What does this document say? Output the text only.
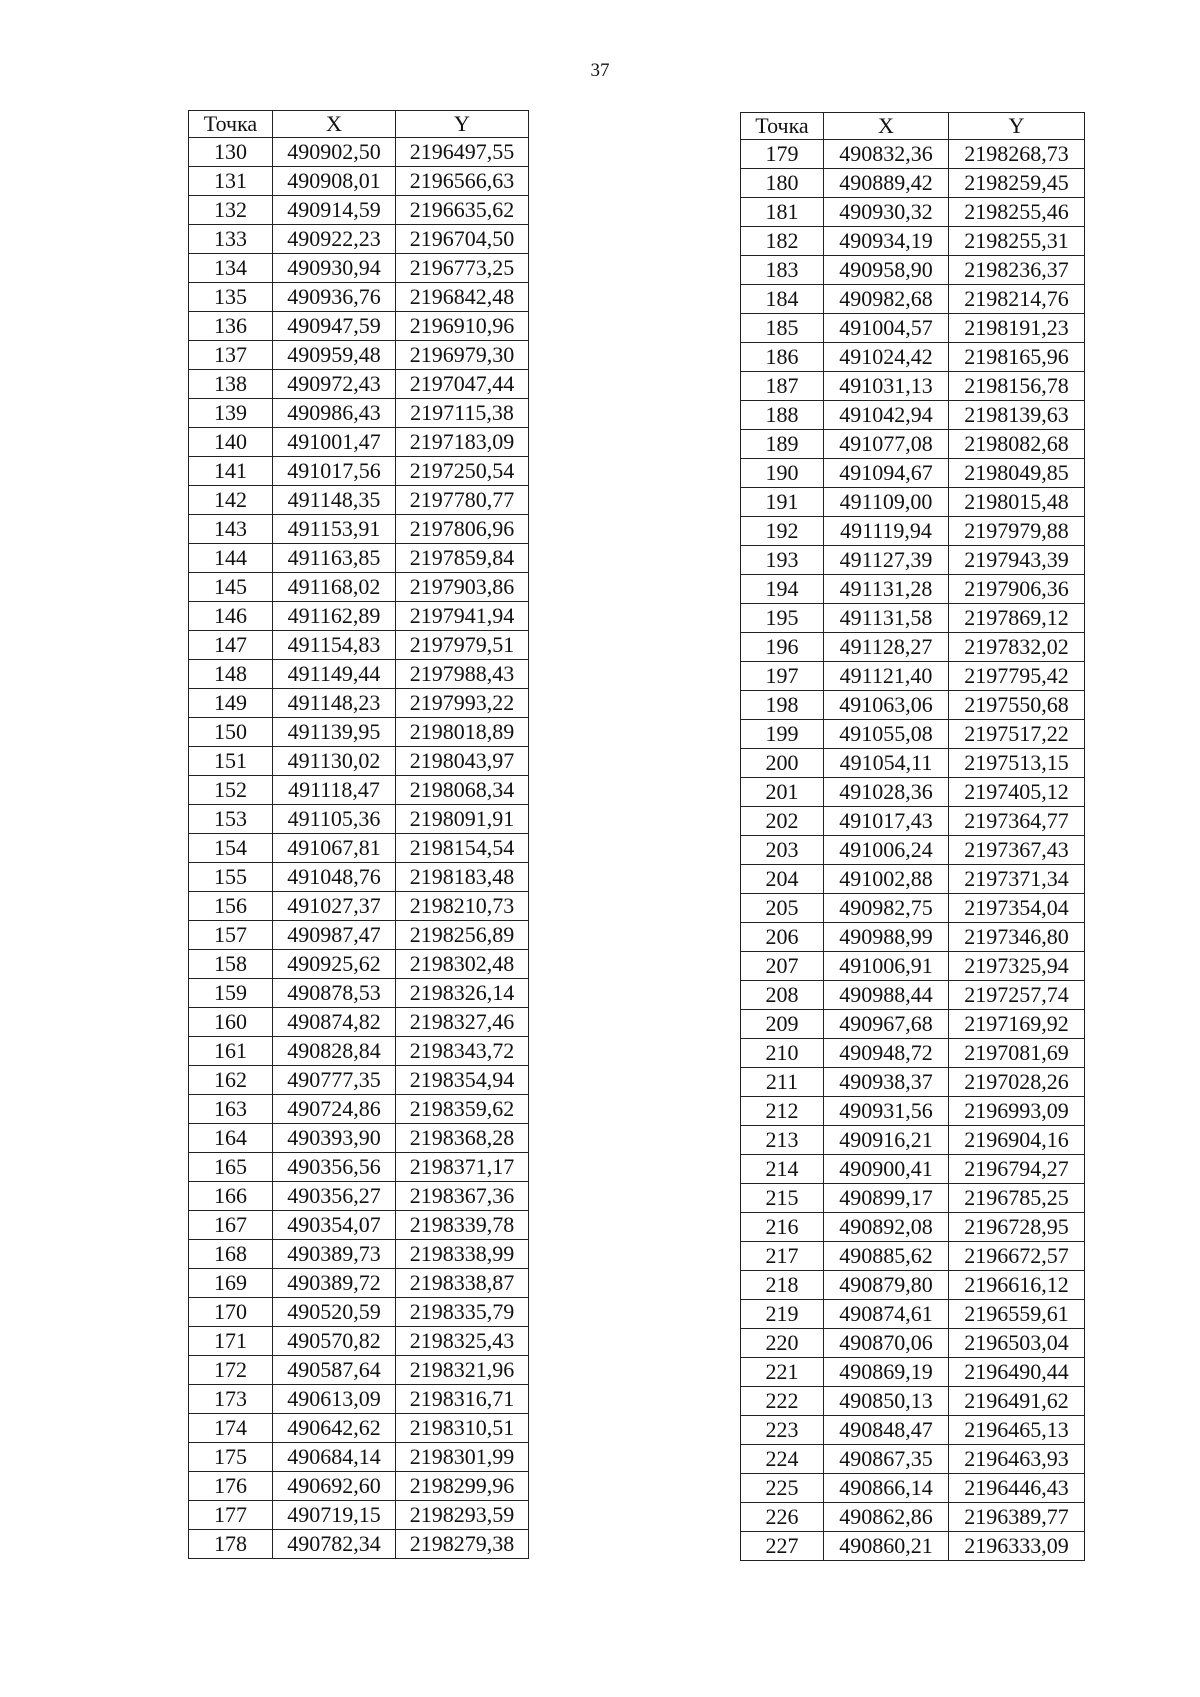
37
Точка	X	Y
130	490902,50	2196497,55
131	490908,01	2196566,63
132	490914,59	2196635,62
133	490922,23	2196704,50
134	490930,94	2196773,25
135	490936,76	2196842,48
136	490947,59	2196910,96
137	490959,48	2196979,30
138	490972,43	2197047,44
139	490986,43	2197115,38
140	491001,47	2197183,09
141	491017,56	2197250,54
142	491148,35	2197780,77
143	491153,91	2197806,96
144	491163,85	2197859,84
145	491168,02	2197903,86
146	491162,89	2197941,94
147	491154,83	2197979,51
148	491149,44	2197988,43
149	491148,23	2197993,22
150	491139,95	2198018,89
151	491130,02	2198043,97
152	491118,47	2198068,34
153	491105,36	2198091,91
154	491067,81	2198154,54
155	491048,76	2198183,48
156	491027,37	2198210,73
157	490987,47	2198256,89
158	490925,62	2198302,48
159	490878,53	2198326,14
160	490874,82	2198327,46
161	490828,84	2198343,72
162	490777,35	2198354,94
163	490724,86	2198359,62
164	490393,90	2198368,28
165	490356,56	2198371,17
166	490356,27	2198367,36
167	490354,07	2198339,78
168	490389,73	2198338,99
169	490389,72	2198338,87
170	490520,59	2198335,79
171	490570,82	2198325,43
172	490587,64	2198321,96
173	490613,09	2198316,71
174	490642,62	2198310,51
175	490684,14	2198301,99
176	490692,60	2198299,96
177	490719,15	2198293,59
178	490782,34	2198279,38
Точка	X	Y
179	490832,36	2198268,73
180	490889,42	2198259,45
181	490930,32	2198255,46
182	490934,19	2198255,31
183	490958,90	2198236,37
184	490982,68	2198214,76
185	491004,57	2198191,23
186	491024,42	2198165,96
187	491031,13	2198156,78
188	491042,94	2198139,63
189	491077,08	2198082,68
190	491094,67	2198049,85
191	491109,00	2198015,48
192	491119,94	2197979,88
193	491127,39	2197943,39
194	491131,28	2197906,36
195	491131,58	2197869,12
196	491128,27	2197832,02
197	491121,40	2197795,42
198	491063,06	2197550,68
199	491055,08	2197517,22
200	491054,11	2197513,15
201	491028,36	2197405,12
202	491017,43	2197364,77
203	491006,24	2197367,43
204	491002,88	2197371,34
205	490982,75	2197354,04
206	490988,99	2197346,80
207	491006,91	2197325,94
208	490988,44	2197257,74
209	490967,68	2197169,92
210	490948,72	2197081,69
211	490938,37	2197028,26
212	490931,56	2196993,09
213	490916,21	2196904,16
214	490900,41	2196794,27
215	490899,17	2196785,25
216	490892,08	2196728,95
217	490885,62	2196672,57
218	490879,80	2196616,12
219	490874,61	2196559,61
220	490870,06	2196503,04
221	490869,19	2196490,44
222	490850,13	2196491,62
223	490848,47	2196465,13
224	490867,35	2196463,93
225	490866,14	2196446,43
226	490862,86	2196389,77
227	490860,21	2196333,09
